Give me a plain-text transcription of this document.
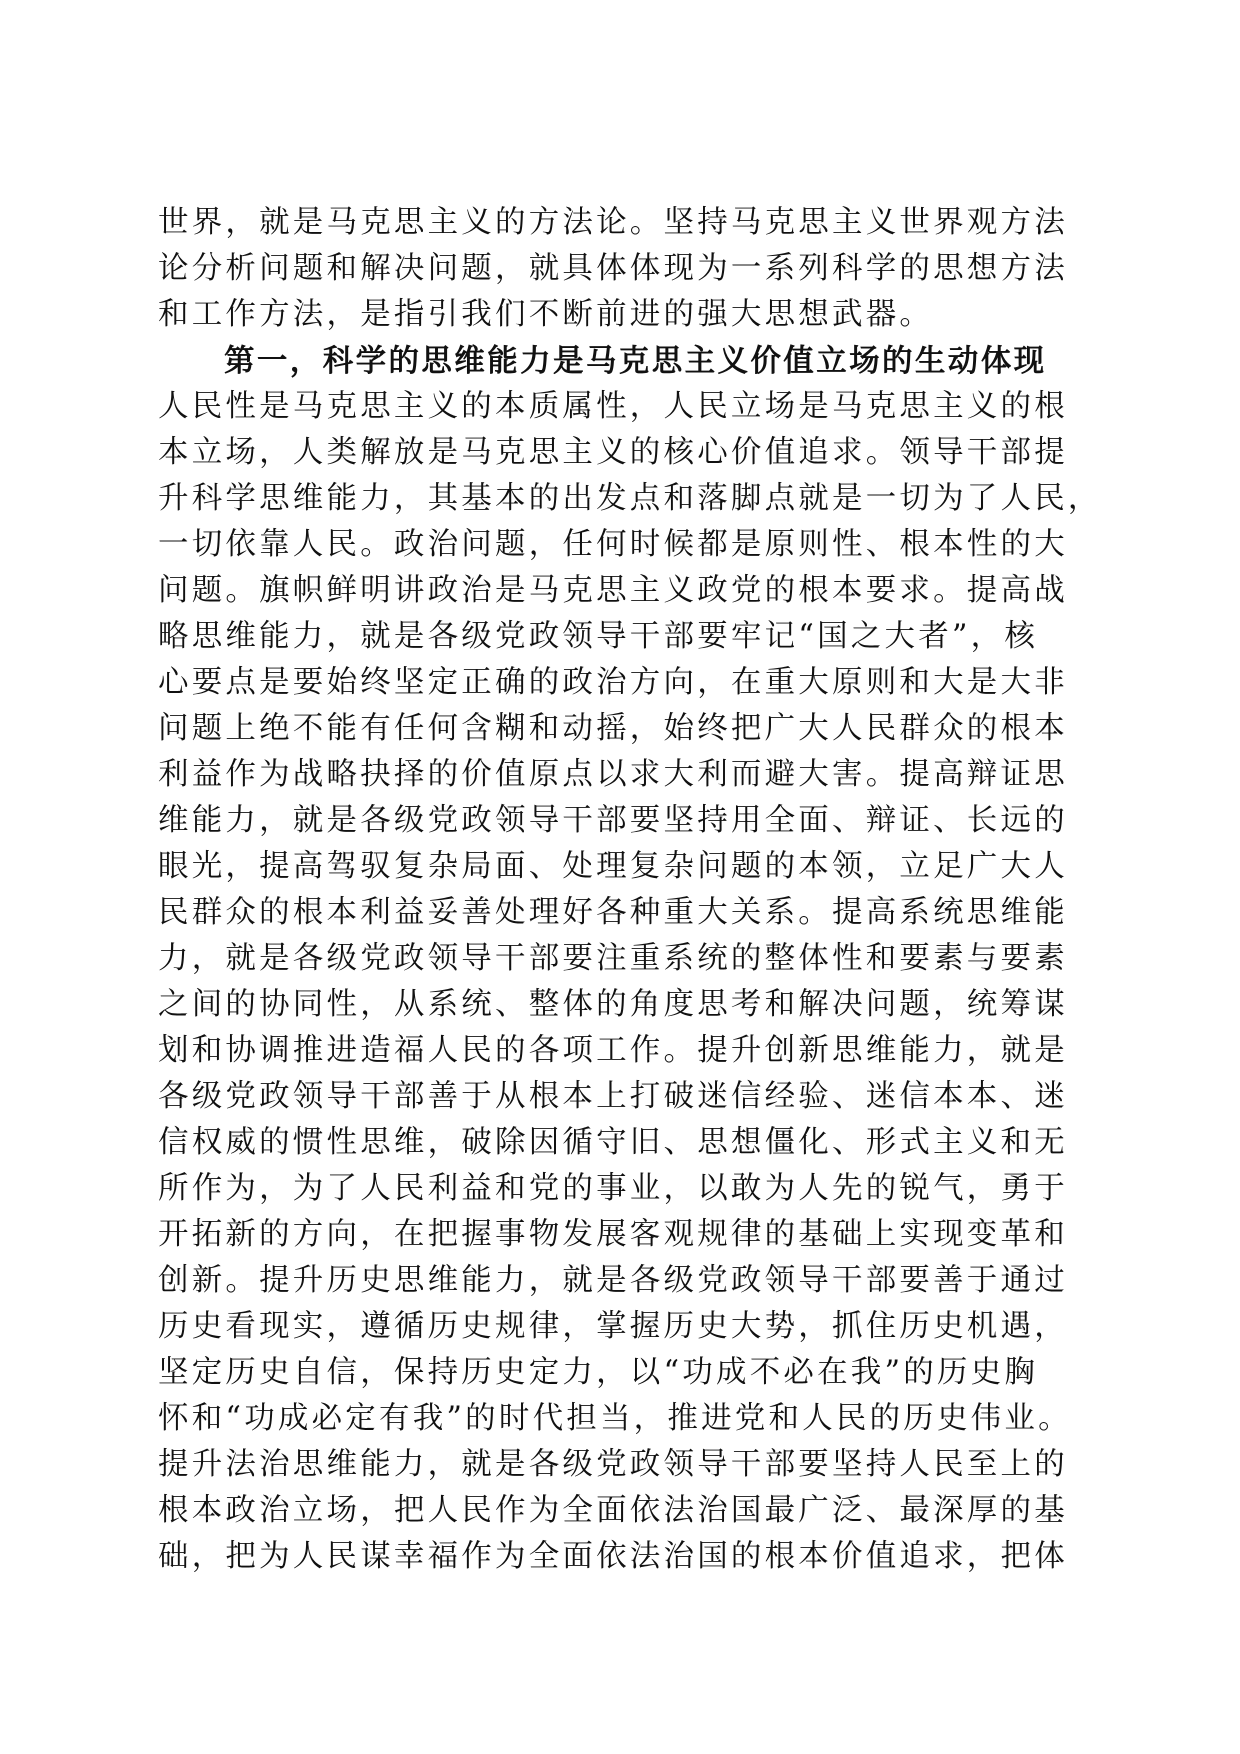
世界，就是马克思主义的方法论。坚持马克思主义世界观方法
论分析问题和解决问题，就具体体现为一系列科学的思想方法
和工作方法，是指引我们不断前进的强大思想武器。
第一，科学的思维能力是马克思主义价值立场的生动体现
人民性是马克思主义的本质属性，人民立场是马克思主义的根
本立场，人类解放是马克思主义的核心价值追求。领导干部提
升科学思维能力，其基本的出发点和落脚点就是一切为了人民，
一切依靠人民。政治问题，任何时候都是原则性、根本性的大
问题。旗帜鲜明讲政治是马克思主义政党的根本要求。提高战
略思维能力，就是各级党政领导干部要牢记“国之大者”，核
心要点是要始终坚定正确的政治方向，在重大原则和大是大非
问题上绝不能有任何含糊和动摇，始终把广大人民群众的根本
利益作为战略抉择的价值原点以求大利而避大害。提高辩证思
维能力，就是各级党政领导干部要坚持用全面、辩证、长远的
眼光，提高驾驭复杂局面、处理复杂问题的本领，立足广大人
民群众的根本利益妥善处理好各种重大关系。提高系统思维能
力，就是各级党政领导干部要注重系统的整体性和要素与要素
之间的协同性，从系统、整体的角度思考和解决问题，统筹谋
划和协调推进造福人民的各项工作。提升创新思维能力，就是
各级党政领导干部善于从根本上打破迷信经验、迷信本本、迷
信权威的惯性思维，破除因循守旧、思想僵化、形式主义和无
所作为，为了人民利益和党的事业，以敢为人先的锐气，勇于
开拓新的方向，在把握事物发展客观规律的基础上实现变革和
创新。提升历史思维能力，就是各级党政领导干部要善于通过
历史看现实，遵循历史规律，掌握历史大势，抓住历史机遇，
坚定历史自信，保持历史定力，以“功成不必在我”的历史胸
怀和“功成必定有我”的时代担当，推进党和人民的历史伟业。
提升法治思维能力，就是各级党政领导干部要坚持人民至上的
根本政治立场，把人民作为全面依法治国最广泛、最深厚的基
础，把为人民谋幸福作为全面依法治国的根本价值追求，把体
